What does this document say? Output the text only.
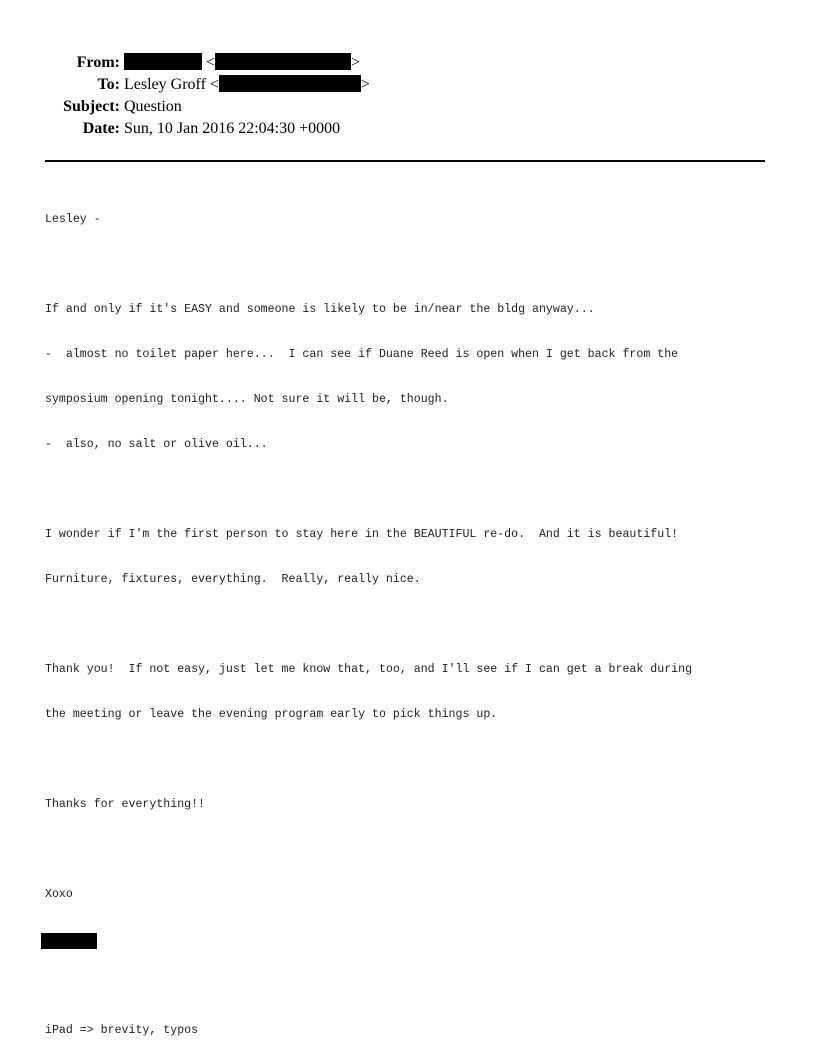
From:	<	>
To: Lesley Groff <	>
Subject: Question
Date: Sun, 10 Jan 2016 22:04:30 +0000

Lesley -

If and only if it's EASY and someone is likely to be in/near the bldg anyway...

-  almost no toilet paper here...  I can see if Duane Reed is open when I get back from the

symposium opening tonight.... Not sure it will be, though.

-  also, no salt or olive oil...

I wonder if I'm the first person to stay here in the BEAUTIFUL re-do.  And it is beautiful!

Furniture, fixtures, everything.  Really, really nice.

Thank you!  If not easy, just let me know that, too, and I'll see if I can get a break during

the meeting or leave the evening program early to pick things up.

Thanks for everything!!

Xoxo

iPad => brevity, typos
